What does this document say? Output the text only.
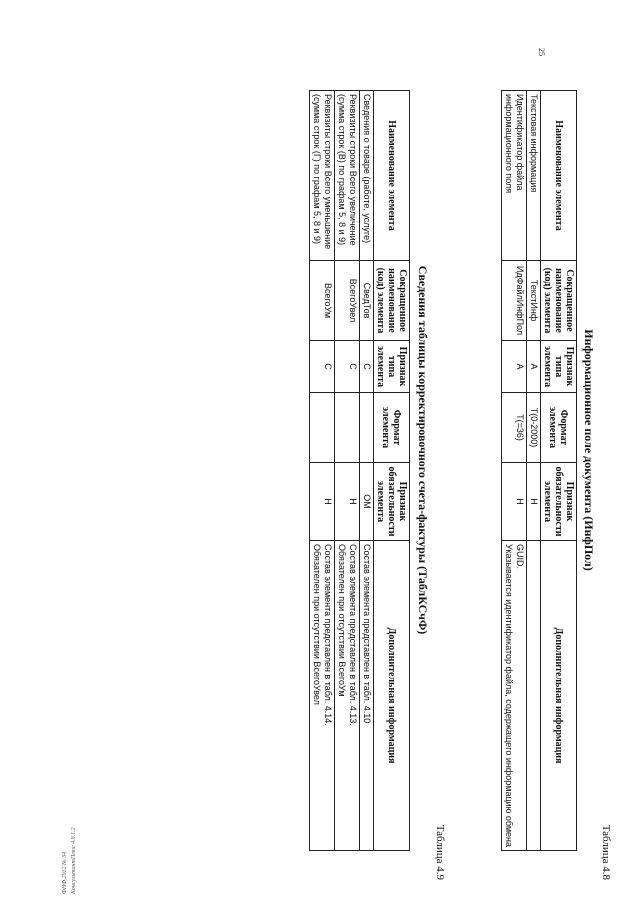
25
Таблица 4.8
Информационное поле документа (ИнфПол)
Наименование элемента	Сокращенное наименование (код) элемента	Признак типа элемента	Формат элемента	Признак обязательности элемента	Дополнительная информация
Текстовая информация	ТекстИнф	А	Т(0-2000)	Н	
Идентификатор файла информационного поля	ИдФайлИнфПол	А	Т(=36)	Н	GUID.
Указывается идентификатор файла, содержащего информацию обмена
Таблица 4.9
Сведения таблицы корректировочного счета-фактуры (ТаблКСчФ)
Наименование элемента	Сокращенное наименование (код) элемента	Признак типа элемента	Формат элемента	Признак обязательности элемента	Дополнительная информация
Сведения о товаре (работе, услуге)	СведТов	С		ОМ	Состав элемента представлен в табл. 4.10
Реквизиты строки Всего увеличение (сумма строк (В) по графам 5, 8 и 9)	ВсегоУвел	С		Н	Состав элемента представлен в табл. 4.13.
Обязателен при отсутствии ВсегоУм
Реквизиты строки Всего уменьшение (сумма строк (Г) по графам 5, 8 и 9)	ВсегоУм	С		Н	Состав элемента представлен в табл. 4.14.
Обязателен при отсутствии ВсегоУвел
ФНФ 2012 № 34 КонсультантПлюс 4.8.1.2
